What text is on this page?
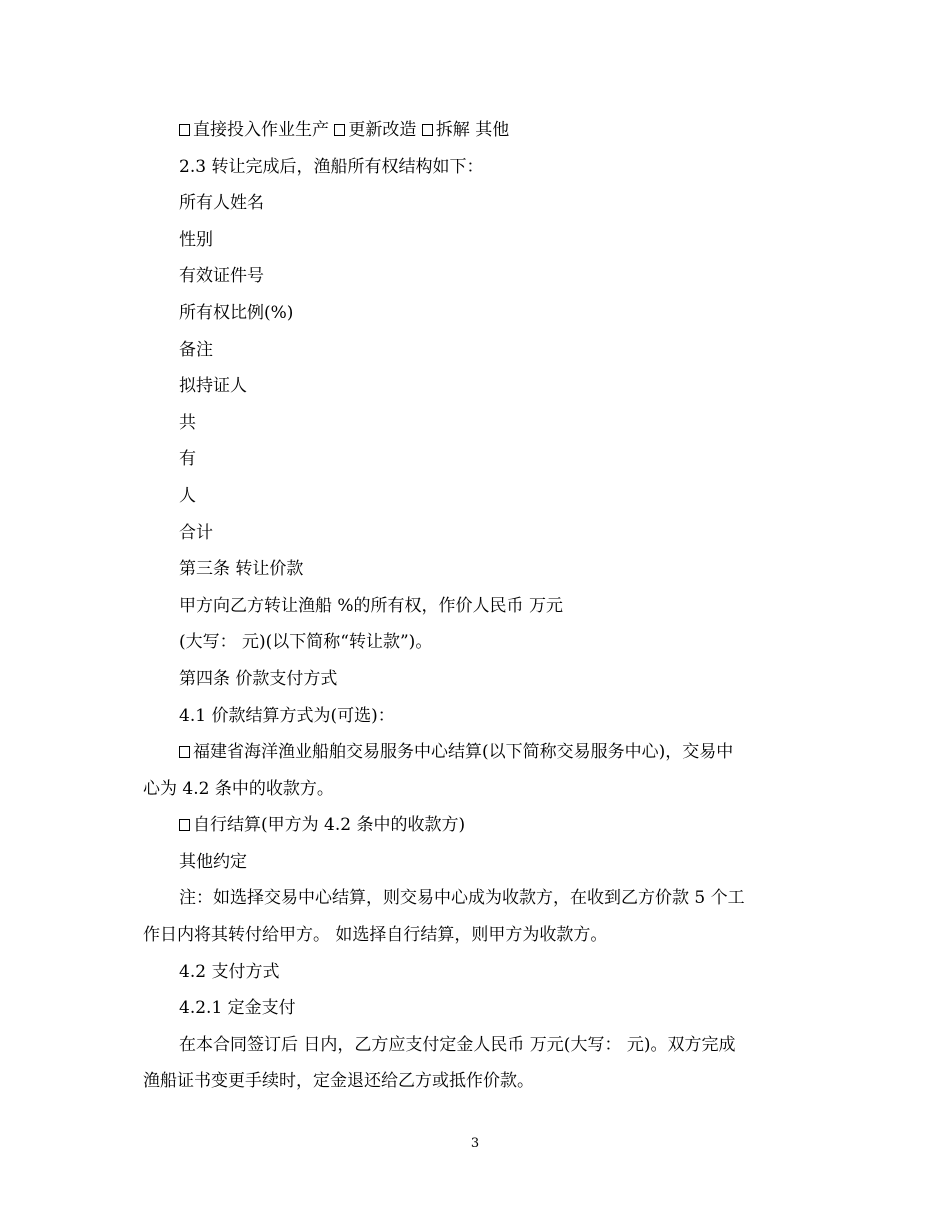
直接投入作业生产 更新改造 拆解 其他
2.3 转让完成后，渔船所有权结构如下：
所有人姓名
性别
有效证件号
所有权比例(%)
备注
拟持证人
共
有
人
合计
第三条 转让价款
甲方向乙方转让渔船 %的所有权，作价人民币 万元
(大写： 元)(以下简称“转让款”)。
第四条 价款支付方式
4.1 价款结算方式为(可选)：
福建省海洋渔业船舶交易服务中心结算(以下简称交易服务中心)，交易中
心为 4.2 条中的收款方。
自行结算(甲方为 4.2 条中的收款方)
其他约定
注：如选择交易中心结算，则交易中心成为收款方，在收到乙方价款 5 个工
作日内将其转付给甲方。 如选择自行结算，则甲方为收款方。
4.2 支付方式
4.2.1 定金支付
在本合同签订后 日内，乙方应支付定金人民币 万元(大写： 元)。双方完成
渔船证书变更手续时，定金退还给乙方或抵作价款。
3
